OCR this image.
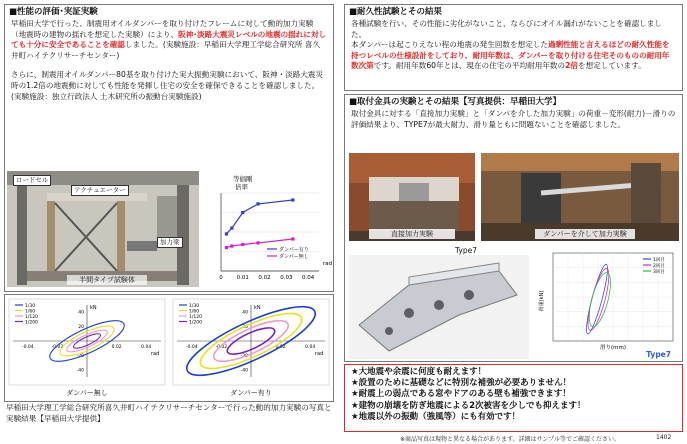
■性能の評価･実証実験
早稲田大学で行った、制震用オイルダンパーを取り付けたフレームに対して動的加力実験（地震時の建物の揺れを想定した実験）により、阪神･淡路大震災レベルの地震の揺れに対しても十分に安全であることを確認しました。(実験施設：早稲田大学理工学総合研究所 喜久井町ハイテクリサーチセンター)
さらに、制震用オイルダンパー80基を取り付けた実大振動実験において、阪神・淡路大震災時の1.2倍の地震動に対しても性能を発揮し住宅の安全を確保できることを確認しました。(実験施設：独立行政法人 土木研究所の振動台実験施設)
ロードセル
アクチュエーター
加力梁
半間タイプ試験体	0	0.01 0.02 0.03 0.04
rad
等価剛
倍率
ダンパー有り
ダンパー無し
-0.04	-0.02	0.02	0.04
40
20
-20
-40
kN
rad
1/30
1/60
1/120
1/200
ダンパー無し
-0.04	-0.02	0.02	0.04
40
20
-20
-40
kN
rad
1/30
1/60
1/120
1/200
ダンパー有り
早稲田大学理工学総合研究所喜久井町ハイテクリサーチセンターで行った動的加力実験の写真と実験結果【早稲田大学提供】
■耐久性試験とその結果
各種試験を行い、その性能に劣化がないこと、ならびにオイル漏れがないことを確認しました。
本ダンパーは起こりえない程の地震の発生回数を想定した過剰性能と言えるほどの耐久性能を持つレベルの仕様設計をしており、耐用年数は、ダンパーを取り付ける住宅そのものの耐用年数次第です。耐用年数60年とは、現在の住宅の平均耐用年数の2倍を想定しています。
■取付金具の実験とその結果【写真提供：早稲田大学】
取付金具に対する「直接加力実験」と「ダンパを介した加力実験」の荷重－変形(耐力)－滑りの評価結果より、TYPE7が最大耐力、滑り量ともに問題ないことを確認しました。
直接加力実験	ダンパーを介して加力実験
Type7
1回目
2回目
3回目
荷重(kN)
滑り(mm)
Type7
★大地震や余震に何度も耐えます！
★設置のために基礎などに特別な補強が必要ありません！
★耐震上の弱点である窓やドアのある壁も補強できます！
★建物の崩壊を防ぎ地震による2次被害を少しでも抑えます！
★地震以外の振動（強風等）にも有効です！
※商品写真は現物と異なる場合があります。詳細はサンプル等でご確認ください。	1402
